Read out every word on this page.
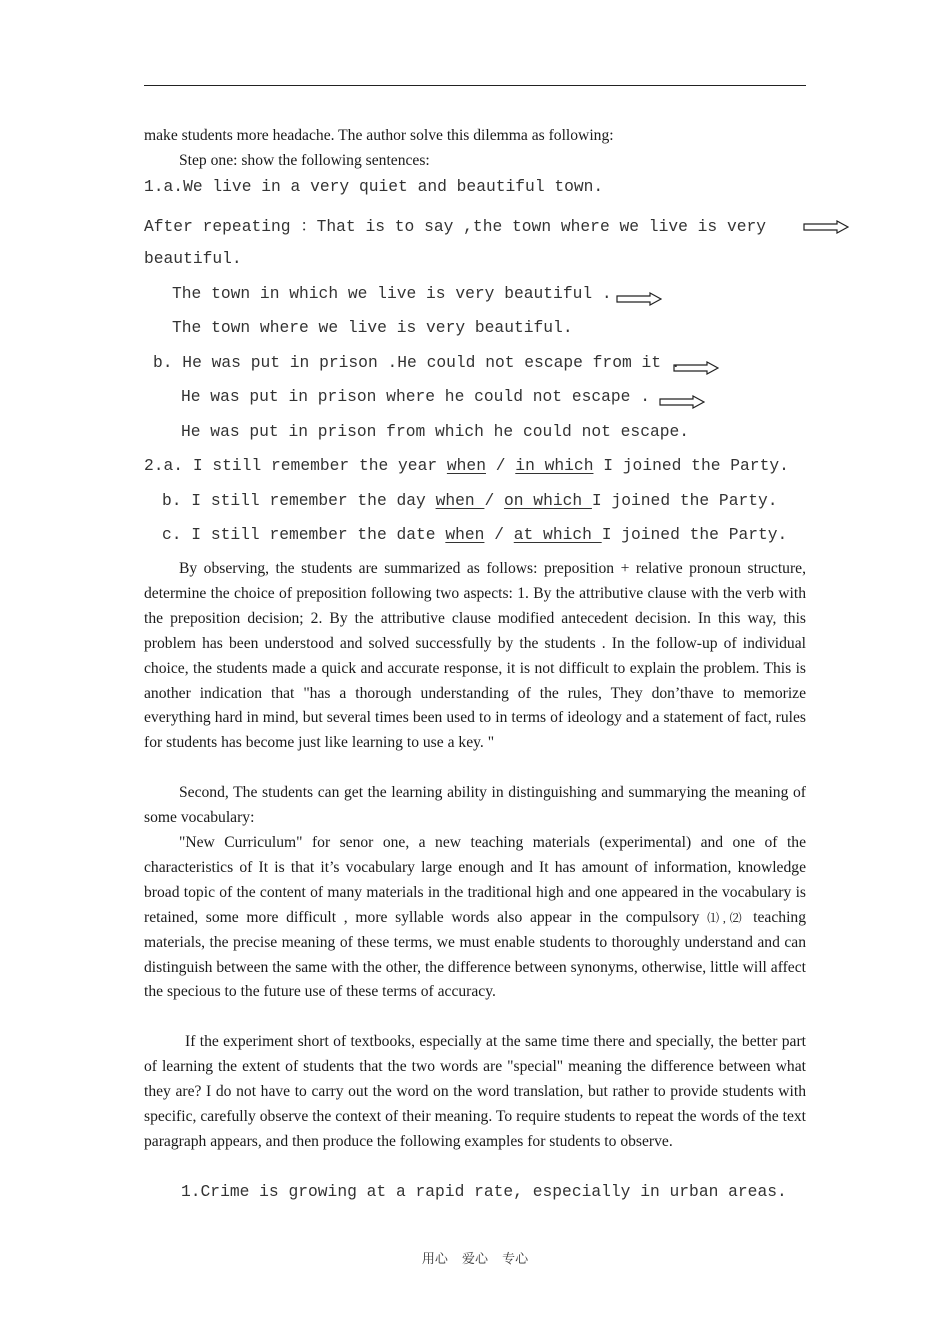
make students more headache. The author solve this dilemma as following:
Step one: show the following sentences:
1.a.We live in a very quiet and beautiful town.
After repeating ：That is to say ,the town where we live is very
beautiful.
The town in which we live is very beautiful .
The town where we live is very beautiful.
b. He was put in prison .He could not escape from it .
He was put in prison where he could not escape .
He was put in prison from which he could not escape.
2.a. I still remember the year when / in which I joined the Party.
b. I still remember the day when / on which I joined the Party.
c. I still remember the date when / at which I joined the Party.
By observing, the students are summarized as follows: preposition + relative pronoun structure, determine the choice of preposition following two aspects: 1. By the attributive clause with the verb with the preposition decision; 2. By the attributive clause modified antecedent decision. In this way, this problem has been understood and solved successfully by the students . In the follow-up of individual choice, the students made a quick and accurate response, it is not difficult to explain the problem. This is another indication that "has a thorough understanding of the rules, They don’thave to memorize everything hard in mind, but several times been used to in terms of ideology and a statement of fact, rules for students has become just like learning to use a key. "
Second, The students can get the learning ability in distinguishing and summarying the meaning of some vocabulary:
"New Curriculum" for senor one, a new teaching materials (experimental) and one of the characteristics of It is that it’s vocabulary large enough and It has amount of information, knowledge broad topic of the content of many materials in the traditional high and one appeared in the vocabulary is retained, some more difficult , more syllable words also appear in the compulsory ⑴,⑵ teaching materials, the precise meaning of these terms, we must enable students to thoroughly understand and can distinguish between the same with the other, the difference between synonyms, otherwise, little will affect the specious to the future use of these terms of accuracy.
If the experiment short of textbooks, especially at the same time there and specially, the better part of learning the extent of students that the two words are "special" meaning the difference between what they are? I do not have to carry out the word on the word translation, but rather to provide students with specific, carefully observe the context of their meaning. To require students to repeat the words of the text paragraph appears, and then produce the following examples for students to observe.
1.Crime is growing at a rapid rate, especially in urban areas.
用心 爱心 专心
